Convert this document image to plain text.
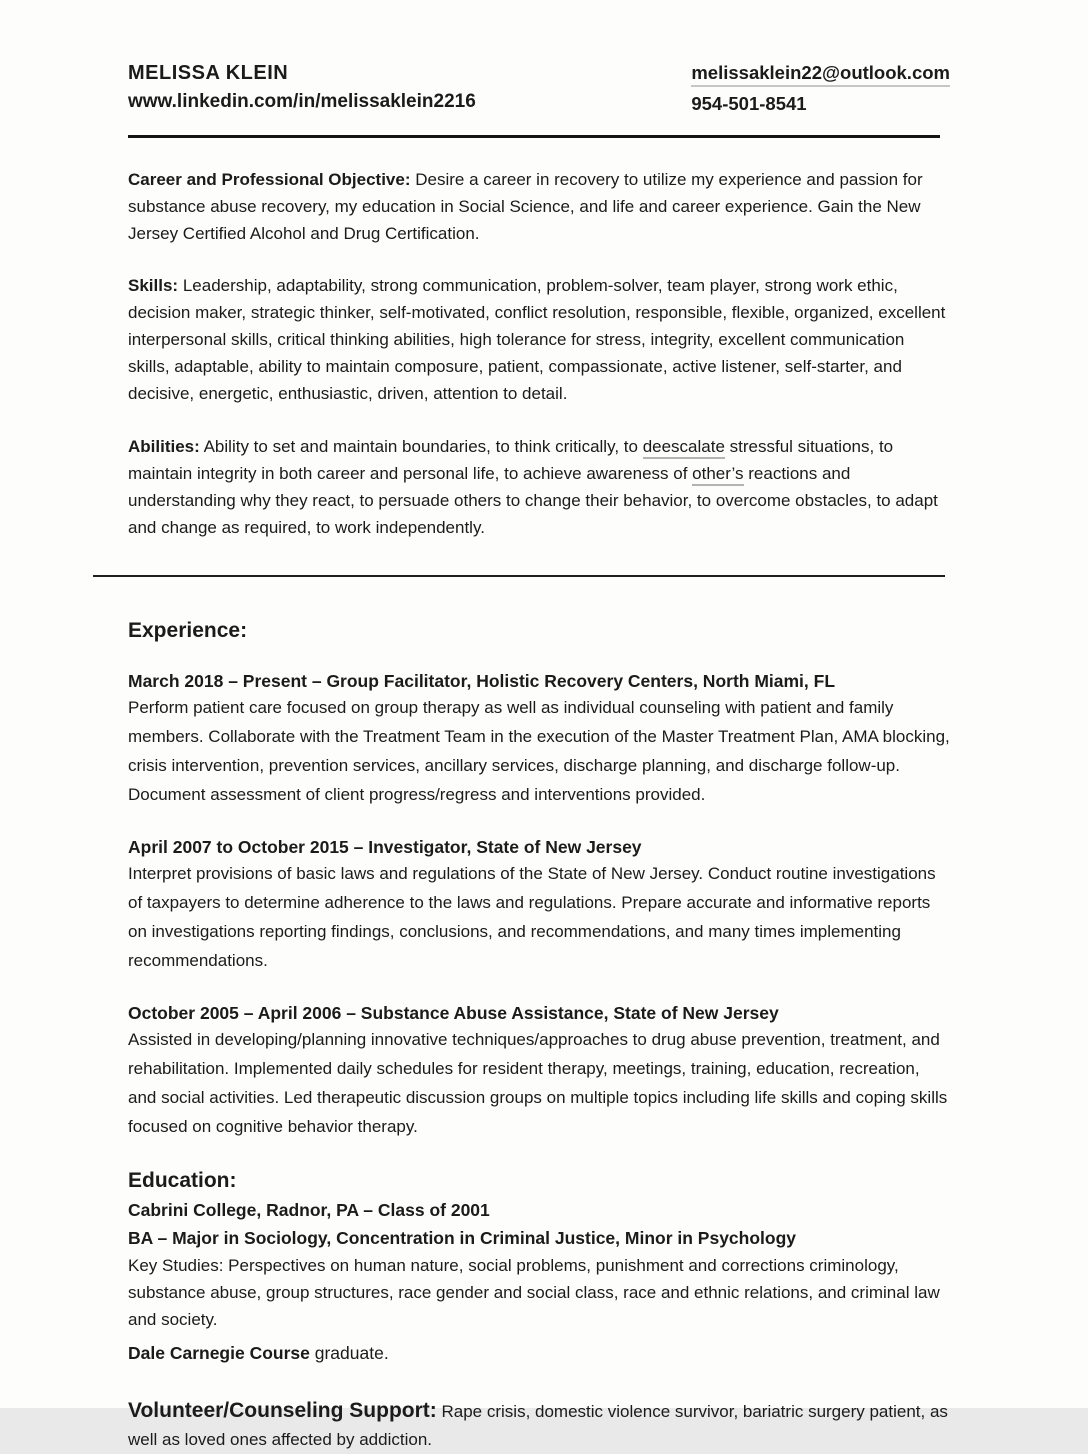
MELISSA KLEIN
www.linkedin.com/in/melissaklein2216
melissaklein22@outlook.com
954-501-8541

Career and Professional Objective: Desire a career in recovery to utilize my experience and passion for substance abuse recovery, my education in Social Science, and life and career experience. Gain the New Jersey Certified Alcohol and Drug Certification.

Skills: Leadership, adaptability, strong communication, problem-solver, team player, strong work ethic, decision maker, strategic thinker, self-motivated, conflict resolution, responsible, flexible, organized, excellent interpersonal skills, critical thinking abilities, high tolerance for stress, integrity, excellent communication skills, adaptable, ability to maintain composure, patient, compassionate, active listener, self-starter, and decisive, energetic, enthusiastic, driven, attention to detail.

Abilities: Ability to set and maintain boundaries, to think critically, to deescalate stressful situations, to maintain integrity in both career and personal life, to achieve awareness of other’s reactions and understanding why they react, to persuade others to change their behavior, to overcome obstacles, to adapt and change as required, to work independently.

Experience:
March 2018 – Present – Group Facilitator, Holistic Recovery Centers, North Miami, FL
Perform patient care focused on group therapy as well as individual counseling with patient and family members. Collaborate with the Treatment Team in the execution of the Master Treatment Plan, AMA blocking, crisis intervention, prevention services, ancillary services, discharge planning, and discharge follow-up. Document assessment of client progress/regress and interventions provided.
April 2007 to October 2015 – Investigator, State of New Jersey
Interpret provisions of basic laws and regulations of the State of New Jersey. Conduct routine investigations of taxpayers to determine adherence to the laws and regulations. Prepare accurate and informative reports on investigations reporting findings, conclusions, and recommendations, and many times implementing recommendations.
October 2005 – April 2006 – Substance Abuse Assistance, State of New Jersey
Assisted in developing/planning innovative techniques/approaches to drug abuse prevention, treatment, and rehabilitation. Implemented daily schedules for resident therapy, meetings, training, education, recreation, and social activities. Led therapeutic discussion groups on multiple topics including life skills and coping skills focused on cognitive behavior therapy.
Education:
Cabrini College, Radnor, PA – Class of 2001
BA – Major in Sociology, Concentration in Criminal Justice, Minor in Psychology

Key Studies: Perspectives on human nature, social problems, punishment and corrections criminology, substance abuse, group structures, race gender and social class, race and ethnic relations, and criminal law and society.

Dale Carnegie Course graduate.

Volunteer/Counseling Support: Rape crisis, domestic violence survivor, bariatric surgery patient, as well as loved ones affected by addiction.
